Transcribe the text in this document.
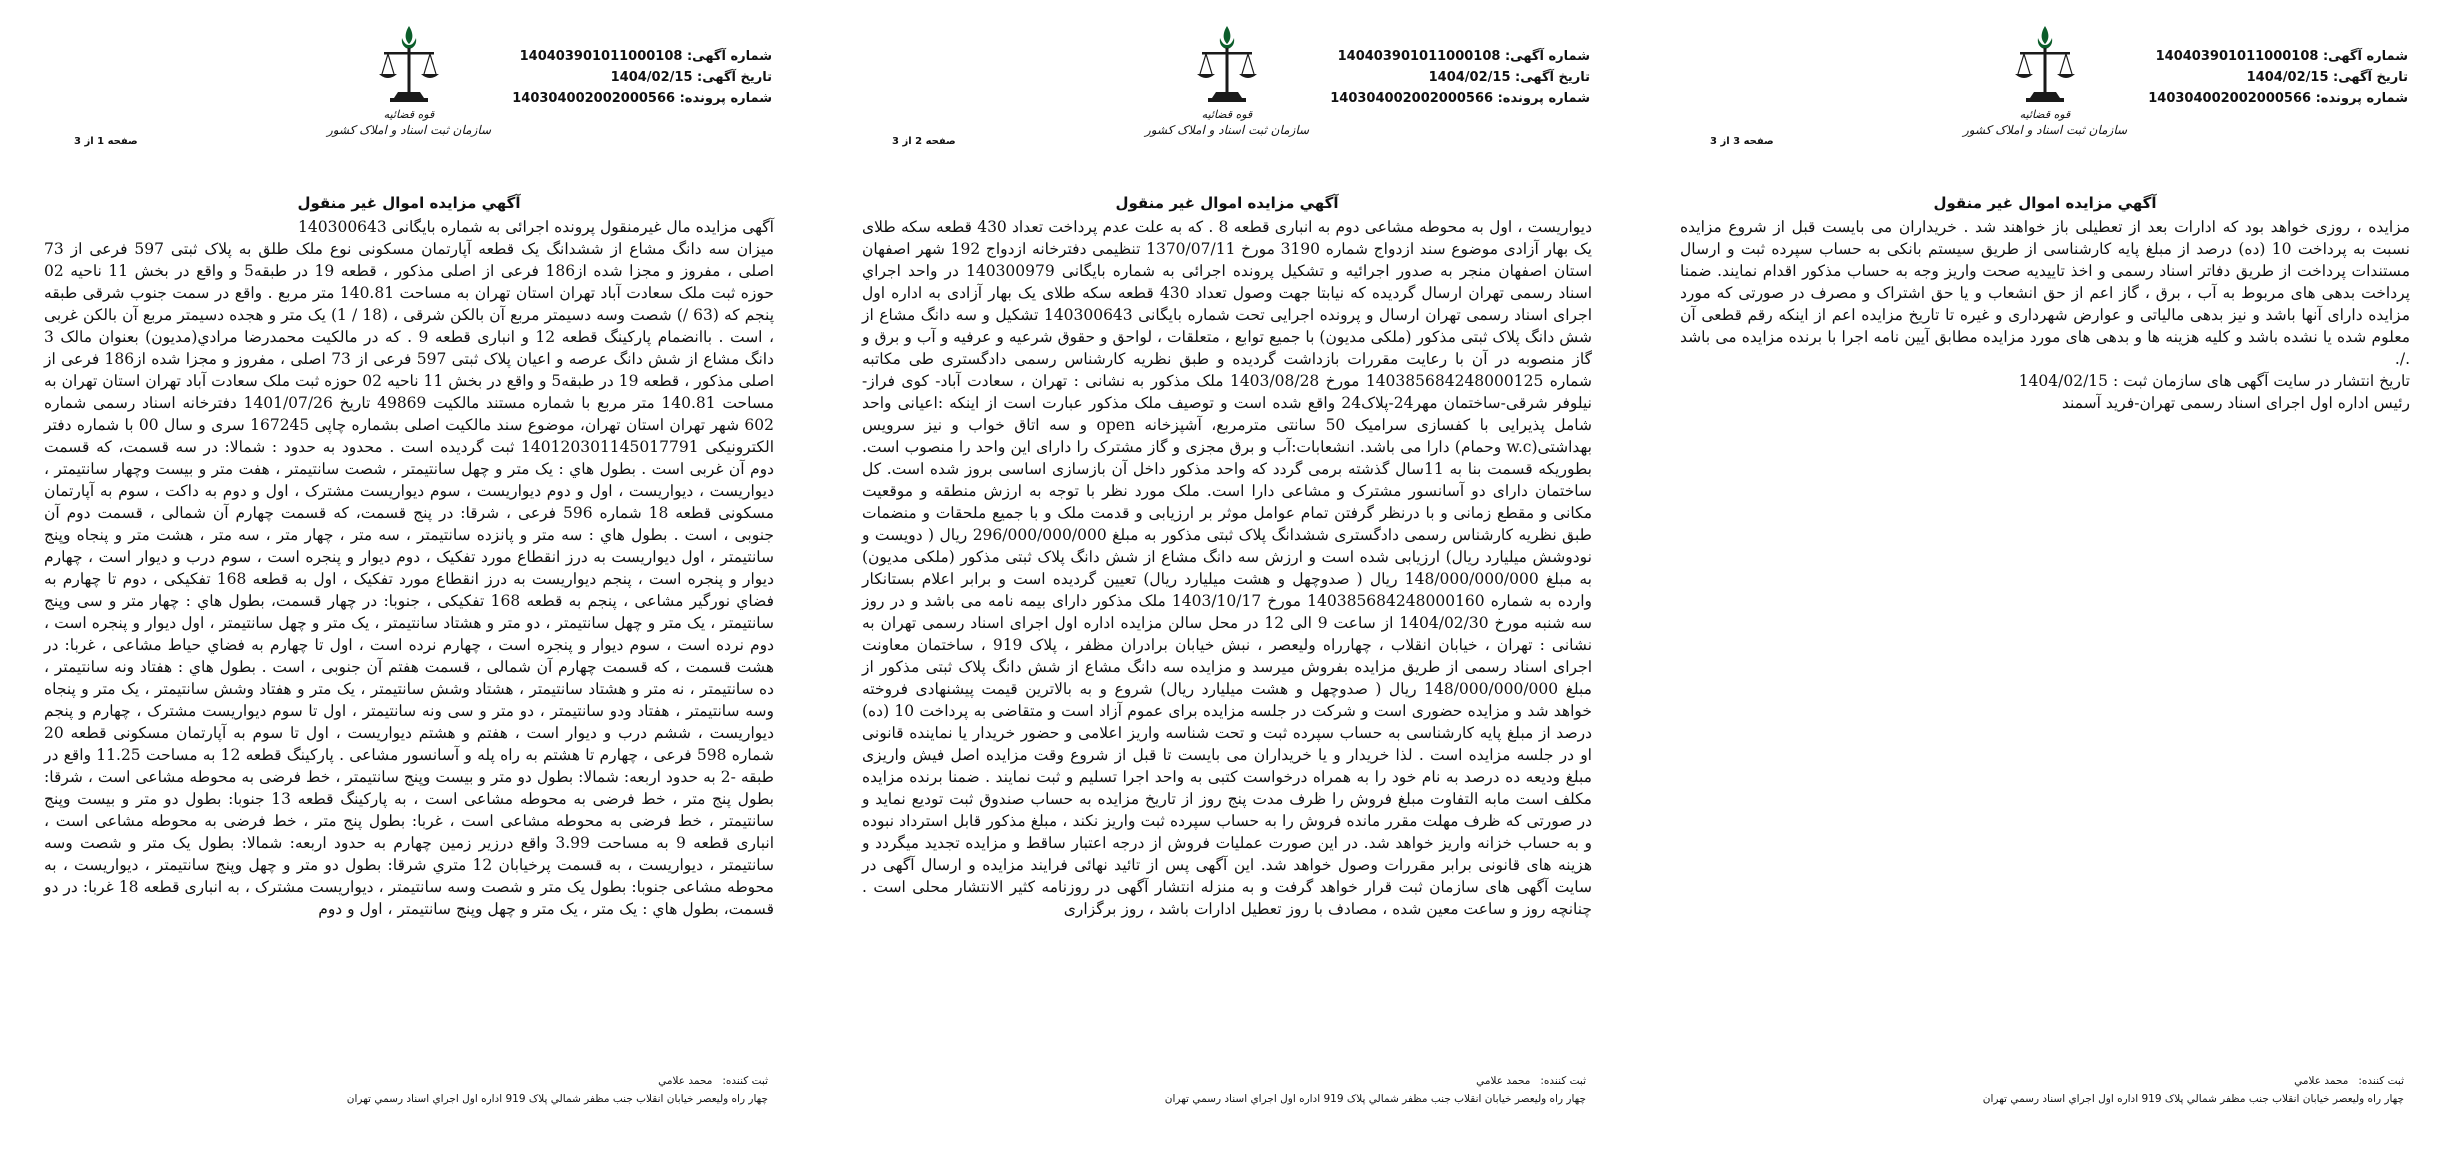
شماره آگهی: 140403901011000108
تاریخ آگهی: 1404/02/15
شماره پرونده: 140304002002000566
قوه قضائیه
سازمان ثبت اسناد و املاک کشور
صفحه 1 از 3
آگهي مزايده اموال غير منقول

آگهی مزایده مال غیرمنقول پرونده اجرائی به شماره بایگانی 140300643

میزان سه دانگ مشاع از ششدانگ یک قطعه آپارتمان مسکونی نوع ملک طلق به پلاک ثبتی 597 فرعی از 73 اصلی ، مفروز و مجزا شده از186 فرعی از اصلی مذکور ، قطعه 19 در طبقه5 و واقع در بخش 11 ناحیه 02 حوزه ثبت ملک سعادت آباد تهران استان تهران به مساحت 140.81 متر مربع . واقع در سمت جنوب شرقی طبقه پنجم که (63 /) شصت وسه دسیمتر مربع آن بالکن شرقی ، (18 / 1) یک متر و هجده دسیمتر مربع آن بالکن غربی ، است . باانضمام پارکینگ قطعه 12 و انباری قطعه 9 . که در مالکیت محمدرضا مرادي(مدیون) بعنوان مالک 3 دانگ مشاع از شش دانگ عرصه و اعیان پلاک ثبتی 597 فرعی از 73 اصلی ، مفروز و مجزا شده از186 فرعی از اصلی مذکور ، قطعه 19 در طبقه5 و واقع در بخش 11 ناحیه 02 حوزه ثبت ملک سعادت آباد تهران استان تهران به مساحت 140.81 متر مربع با شماره مستند مالکیت 49869 تاریخ 1401/07/26 دفترخانه اسناد رسمی شماره 602 شهر تهران استان تهران، موضوع سند مالکیت اصلی بشماره چاپی 167245 سری و سال 00 با شماره دفتر الکترونیکی 140120301145017791 ثبت گردیده است . محدود به حدود : شمالا: در سه قسمت، که قسمت دوم آن غربی است . بطول هاي : یک متر و چهل سانتیمتر ، شصت سانتیمتر ، هفت متر و بیست وچهار سانتیمتر ، دیواریست ، دیواریست ، اول و دوم دیواریست ، سوم دیواریست مشترک ، اول و دوم به داکت ، سوم به آپارتمان مسکونی قطعه 18 شماره 596 فرعی ، شرقا: در پنج قسمت، که قسمت چهارم آن شمالی ، قسمت دوم آن جنوبی ، است . بطول هاي : سه متر و پانزده سانتیمتر ، سه متر ، چهار متر ، سه متر ، هشت متر و پنجاه وپنج سانتیمتر ، اول دیواریست به درز انقطاع مورد تفکیک ، دوم دیوار و پنجره است ، سوم درب و دیوار است ، چهارم دیوار و پنجره است ، پنجم دیواریست به درز انقطاع مورد تفکیک ، اول به قطعه 168 تفکیکی ، دوم تا چهارم به فضاي نورگیر مشاعی ، پنجم به قطعه 168 تفکیکی ، جنوبا: در چهار قسمت، بطول هاي : چهار متر و سی وپنج سانتیمتر ، یک متر و چهل سانتیمتر ، دو متر و هشتاد سانتیمتر ، یک متر و چهل سانتیمتر ، اول دیوار و پنجره است ، دوم نرده است ، سوم دیوار و پنجره است ، چهارم نرده است ، اول تا چهارم به فضاي حیاط مشاعی ، غربا: در هشت قسمت ، که قسمت چهارم آن شمالی ، قسمت هفتم آن جنوبی ، است . بطول هاي : هفتاد ونه سانتیمتر ، ده سانتیمتر ، نه متر و هشتاد سانتیمتر ، هشتاد وشش سانتیمتر ، یک متر و هفتاد وشش سانتیمتر ، یک متر و پنجاه وسه سانتیمتر ، هفتاد ودو سانتیمتر ، دو متر و سی ونه سانتیمتر ، اول تا سوم دیواریست مشترک ، چهارم و پنجم دیواریست ، ششم درب و دیوار است ، هفتم و هشتم دیواریست ، اول تا سوم به آپارتمان مسکونی قطعه 20 شماره 598 فرعی ، چهارم تا هشتم به راه پله و آسانسور مشاعی . پارکینگ قطعه 12 به مساحت 11.25 واقع در طبقه -2 به حدود اربعه: شمالا: بطول دو متر و بیست وپنج سانتیمتر ، خط فرضی به محوطه مشاعی است ، شرقا: بطول پنج متر ، خط فرضی به محوطه مشاعی است ، به پارکینگ قطعه 13 جنوبا: بطول دو متر و بیست وپنج سانتیمتر ، خط فرضی به محوطه مشاعی است ، غربا: بطول پنج متر ، خط فرضی به محوطه مشاعی است ، انباری قطعه 9 به مساحت 3.99 واقع درزیر زمین چهارم به حدود اربعه: شمالا: بطول یک متر و شصت وسه سانتیمتر ، دیواریست ، به قسمت پرخیابان 12 متري شرقا: بطول دو متر و چهل وپنج سانتیمتر ، دیواریست ، به محوطه مشاعی جنوبا: بطول یک متر و شصت وسه سانتیمتر ، دیواریست مشترک ، به انباری قطعه 18 غربا: در دو قسمت، بطول هاي : یک متر ، یک متر و چهل وپنج سانتیمتر ، اول و دوم

ثبت کننده:
محمد علامي
چهار راه ولیعصر خیابان انقلاب جنب مظفر شمالي پلاک 919 اداره اول اجراي اسناد رسمي تهران
شماره آگهی: 140403901011000108
تاریخ آگهی: 1404/02/15
شماره پرونده: 140304002002000566
قوه قضائیه
سازمان ثبت اسناد و املاک کشور
صفحه 2 از 3
آگهي مزايده اموال غير منقول

دیواریست ، اول به محوطه مشاعی دوم به انباری قطعه 8 . که به علت عدم پرداخت تعداد 430 قطعه سکه طلای یک بهار آزادی موضوع سند ازدواج شماره 3190 مورخ 1370/07/11 تنظیمی دفترخانه ازدواج 192 شهر اصفهان استان اصفهان منجر به صدور اجرائیه و تشکیل پرونده اجرائی به شماره بایگانی 140300979 در واحد اجراي اسناد رسمی تهران ارسال گردیده که نیابتا جهت وصول تعداد 430 قطعه سکه طلای یک بهار آزادی به اداره اول اجرای اسناد رسمی تهران ارسال و پرونده اجرایی تحت شماره بایگانی 140300643 تشکیل و سه دانگ مشاع از شش دانگ پلاک ثبتی مذکور (ملکی مدیون) با جمیع توابع ، متعلقات ، لواحق و حقوق شرعیه و عرفیه و آب و برق و گاز منصوبه در آن با رعایت مقررات بازداشت گردیده و طبق نظریه کارشناس رسمی دادگستری طی مکاتبه شماره 140385684248000125 مورخ 1403/08/28 ملک مذکور به نشانی : تهران ، سعادت آباد- کوی فراز-نیلوفر شرقی-ساختمان مهر24-پلاک24 واقع شده است و توصیف ملک مذکور عبارت است از اینکه :اعیانی واحد شامل پذیرایی با کفسازی سرامیک 50 سانتی مترمربع، آشپزخانه open و سه اتاق خواب و نیز سرویس بهداشتی(w.c وحمام) دارا می باشد. انشعابات:آب و برق مجزی و گاز مشترک را دارای این واحد را منصوب است. بطوریکه قسمت بنا به 11سال گذشته برمی گردد که واحد مذکور داخل آن بازسازی اساسی بروز شده است. کل ساختمان دارای دو آسانسور مشترک و مشاعی دارا است. ملک مورد نظر با توجه به ارزش منطقه و موقعیت مکانی و مقطع زمانی و با درنظر گرفتن تمام عوامل موثر بر ارزیابی و قدمت ملک و با جمیع ملحقات و منضمات طبق نظریه کارشناس رسمی دادگستری ششدانگ پلاک ثبتی مذکور به مبلغ 296/000/000/000 ریال ( دویست و نودوشش میلیارد ریال) ارزیابی شده است و ارزش سه دانگ مشاع از شش دانگ پلاک ثبتی مذکور (ملکی مدیون) به مبلغ 148/000/000/000 ریال ( صدوچهل و هشت میلیارد ریال) تعیین گردیده است و برابر اعلام بستانکار وارده به شماره 140385684248000160 مورخ 1403/10/17 ملک مذکور دارای بیمه نامه می باشد و در روز سه شنبه مورخ 1404/02/30 از ساعت 9 الی 12 در محل سالن مزایده اداره اول اجرای اسناد رسمی تهران به نشانی : تهران ، خیابان انقلاب ، چهارراه ولیعصر ، نبش خیابان برادران مظفر ، پلاک 919 ، ساختمان معاونت اجرای اسناد رسمی از طریق مزایده بفروش میرسد و مزایده سه دانگ مشاع از شش دانگ پلاک ثبتی مذکور از مبلغ 148/000/000/000 ریال ( صدوچهل و هشت میلیارد ریال) شروع و به بالاترین قیمت پیشنهادی فروخته خواهد شد و مزایده حضوری است و شرکت در جلسه مزایده برای عموم آزاد است و متقاضی به پرداخت 10 (ده) درصد از مبلغ پایه کارشناسی به حساب سپرده ثبت و تحت شناسه واریز اعلامی و حضور خریدار یا نماینده قانونی او در جلسه مزایده است . لذا خریدار و یا خریداران می بایست تا قبل از شروع وقت مزایده اصل فیش واریزی مبلغ ودیعه ده درصد به نام خود را به همراه درخواست کتبی به واحد اجرا تسلیم و ثبت نمایند . ضمنا برنده مزایده مکلف است مابه التفاوت مبلغ فروش را ظرف مدت پنج روز از تاریخ مزایده به حساب صندوق ثبت تودیع نماید و در صورتی که ظرف مهلت مقرر مانده فروش را به حساب سپرده ثبت واریز نکند ، مبلغ مذکور قابل استرداد نبوده و به حساب خزانه واریز خواهد شد. در این صورت عملیات فروش از درجه اعتبار ساقط و مزایده تجدید میگردد و هزینه های قانونی برابر مقررات وصول خواهد شد. این آگهی پس از تائید نهائی فرایند مزایده و ارسال آگهی در سایت آگهی های سازمان ثبت قرار خواهد گرفت و به منزله انتشار آگهی در روزنامه کثیر الانتشار محلی است . چنانچه روز و ساعت معین شده ، مصادف با روز تعطیل ادارات باشد ، روز برگزاری

ثبت کننده:
محمد علامي
چهار راه ولیعصر خیابان انقلاب جنب مظفر شمالي پلاک 919 اداره اول اجراي اسناد رسمي تهران
شماره آگهی: 140403901011000108
تاریخ آگهی: 1404/02/15
شماره پرونده: 140304002002000566
قوه قضائیه
سازمان ثبت اسناد و املاک کشور
صفحه 3 از 3
آگهي مزايده اموال غير منقول

مزایده ، روزی خواهد بود که ادارات بعد از تعطیلی باز خواهند شد . خریداران می بایست قبل از شروع مزایده نسبت به پرداخت 10 (ده) درصد از مبلغ پایه کارشناسی از طریق سیستم بانکی به حساب سپرده ثبت و ارسال مستندات پرداخت از طریق دفاتر اسناد رسمی و اخذ تاییدیه صحت واریز وجه به حساب مذکور اقدام نمایند. ضمنا پرداخت بدهی های مربوط به آب ، برق ، گاز اعم از حق انشعاب و یا حق اشتراک و مصرف در صورتی که مورد مزایده دارای آنها باشد و نیز بدهی مالیاتی و عوارض شهرداری و غیره تا تاریخ مزایده اعم از اینکه رقم قطعی آن معلوم شده یا نشده باشد و کلیه هزینه ها و بدهی های مورد مزایده مطابق آیین نامه اجرا با برنده مزایده می باشد ./.

تاریخ انتشار در سایت آگهی های سازمان ثبت : 1404/02/15

رئیس اداره اول اجرای اسناد رسمی تهران-فرید آسمند

ثبت کننده:
محمد علامي
چهار راه ولیعصر خیابان انقلاب جنب مظفر شمالي پلاک 919 اداره اول اجراي اسناد رسمي تهران
